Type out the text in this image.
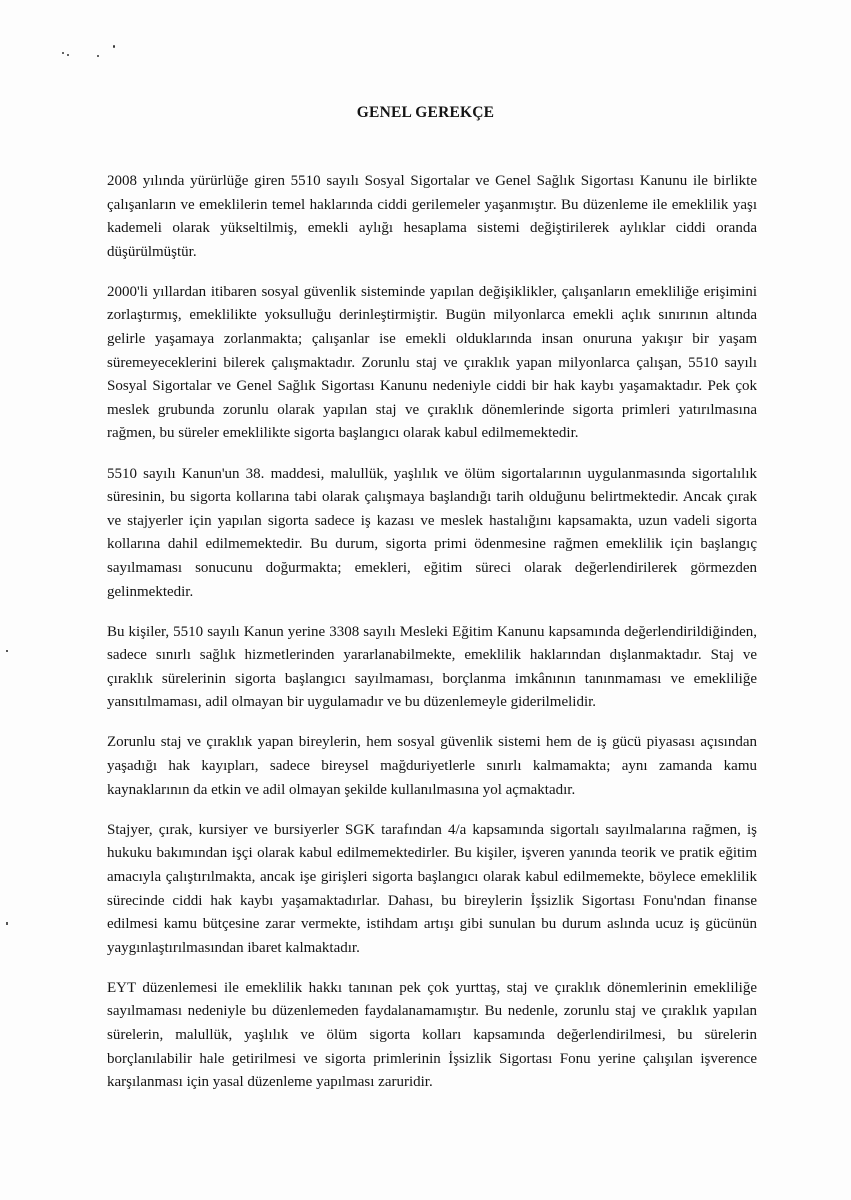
GENEL GEREKÇE

2008 yılında yürürlüğe giren 5510 sayılı Sosyal Sigortalar ve Genel Sağlık Sigortası Kanunu ile birlikte çalışanların ve emeklilerin temel haklarında ciddi gerilemeler yaşanmıştır. Bu düzenleme ile emeklilik yaşı kademeli olarak yükseltilmiş, emekli aylığı hesaplama sistemi değiştirilerek aylıklar ciddi oranda düşürülmüştür.

2000'li yıllardan itibaren sosyal güvenlik sisteminde yapılan değişiklikler, çalışanların emekliliğe erişimini zorlaştırmış, emeklilikte yoksulluğu derinleştirmiştir. Bugün milyonlarca emekli açlık sınırının altında gelirle yaşamaya zorlanmakta; çalışanlar ise emekli olduklarında insan onuruna yakışır bir yaşam süremeyeceklerini bilerek çalışmaktadır. Zorunlu staj ve çıraklık yapan milyonlarca çalışan, 5510 sayılı Sosyal Sigortalar ve Genel Sağlık Sigortası Kanunu nedeniyle ciddi bir hak kaybı yaşamaktadır. Pek çok meslek grubunda zorunlu olarak yapılan staj ve çıraklık dönemlerinde sigorta primleri yatırılmasına rağmen, bu süreler emeklilikte sigorta başlangıcı olarak kabul edilmemektedir.

5510 sayılı Kanun'un 38. maddesi, malullük, yaşlılık ve ölüm sigortalarının uygulanmasında sigortalılık süresinin, bu sigorta kollarına tabi olarak çalışmaya başlandığı tarih olduğunu belirtmektedir. Ancak çırak ve stajyerler için yapılan sigorta sadece iş kazası ve meslek hastalığını kapsamakta, uzun vadeli sigorta kollarına dahil edilmemektedir. Bu durum, sigorta primi ödenmesine rağmen emeklilik için başlangıç sayılmaması sonucunu doğurmakta; emekleri, eğitim süreci olarak değerlendirilerek görmezden gelinmektedir.

Bu kişiler, 5510 sayılı Kanun yerine 3308 sayılı Mesleki Eğitim Kanunu kapsamında değerlendirildiğinden, sadece sınırlı sağlık hizmetlerinden yararlanabilmekte, emeklilik haklarından dışlanmaktadır. Staj ve çıraklık sürelerinin sigorta başlangıcı sayılmaması, borçlanma imkânının tanınmaması ve emekliliğe yansıtılmaması, adil olmayan bir uygulamadır ve bu düzenlemeyle giderilmelidir.

Zorunlu staj ve çıraklık yapan bireylerin, hem sosyal güvenlik sistemi hem de iş gücü piyasası açısından yaşadığı hak kayıpları, sadece bireysel mağduriyetlerle sınırlı kalmamakta; aynı zamanda kamu kaynaklarının da etkin ve adil olmayan şekilde kullanılmasına yol açmaktadır.

Stajyer, çırak, kursiyer ve bursiyerler SGK tarafından 4/a kapsamında sigortalı sayılmalarına rağmen, iş hukuku bakımından işçi olarak kabul edilmemektedirler. Bu kişiler, işveren yanında teorik ve pratik eğitim amacıyla çalıştırılmakta, ancak işe girişleri sigorta başlangıcı olarak kabul edilmemekte, böylece emeklilik sürecinde ciddi hak kaybı yaşamaktadırlar. Dahası, bu bireylerin İşsizlik Sigortası Fonu'ndan finanse edilmesi kamu bütçesine zarar vermekte, istihdam artışı gibi sunulan bu durum aslında ucuz iş gücünün yaygınlaştırılmasından ibaret kalmaktadır.

EYT düzenlemesi ile emeklilik hakkı tanınan pek çok yurttaş, staj ve çıraklık dönemlerinin emekliliğe sayılmaması nedeniyle bu düzenlemeden faydalanamamıştır. Bu nedenle, zorunlu staj ve çıraklık yapılan sürelerin, malullük, yaşlılık ve ölüm sigorta kolları kapsamında değerlendirilmesi, bu sürelerin borçlanılabilir hale getirilmesi ve sigorta primlerinin İşsizlik Sigortası Fonu yerine çalışılan işverence karşılanması için yasal düzenleme yapılması zaruridir.
